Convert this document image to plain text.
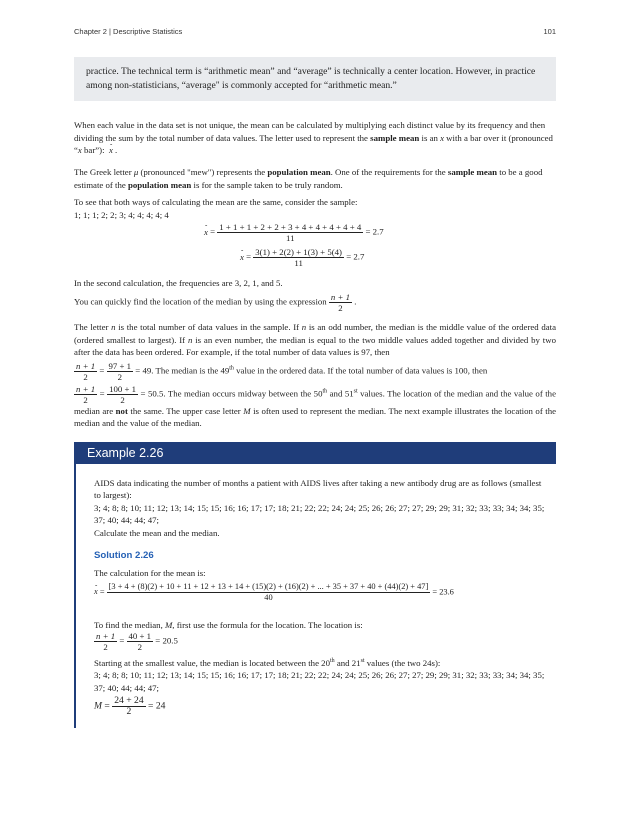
Chapter 2 | Descriptive Statistics	101
practice. The technical term is “arithmetic mean” and “average” is technically a center location. However, in practice among non-statisticians, “average" is commonly accepted for “arithmetic mean.”

When each value in the data set is not unique, the mean can be calculated by multiplying each distinct value by its frequency and then dividing the sum by the total number of data values. The letter used to represent the sample mean is an x with a bar over it (pronounced “x bar”):  - x .

The Greek letter μ (pronounced "mew") represents the population mean. One of the requirements for the sample mean to be a good estimate of the population mean is for the sample taken to be truly random.

To see that both ways of calculating the mean are the same, consider the sample:

1; 1; 1; 2; 2; 3; 4; 4; 4; 4; 4

- $x = \frac{1 + 1 + 1 + 2 + 2 + 3 + 4 + 4 + 4 + 4 + 4}{11} = 2.7$
- $x = \frac{3(1) + 2(2) + 1(3) + 5(4)}{11} = 2.7$

In the second calculation, the frequencies are 3, 2, 1, and 5.

You can quickly find the location of the median by using the expression $\frac{n + 1}{2}$ .

The letter n is the total number of data values in the sample. If n is an odd number, the median is the middle value of the ordered data (ordered smallest to largest). If n is an even number, the median is equal to the two middle values added together and divided by two after the data has been ordered. For example, if the total number of data values is 97, then

$\frac{n + 1}{2} = \frac{97 + 1}{2} = 49$. The median is the 49th value in the ordered data. If the total number of data values is 100, then

$\frac{n + 1}{2} = \frac{100 + 1}{2} = 50.5$. The median occurs midway between the 50th and 51st values. The location of the median and the value of the median are not the same. The upper case letter M is often used to represent the median. The next example illustrates the location of the median and the value of the median.

Example 2.26

AIDS data indicating the number of months a patient with AIDS lives after taking a new antibody drug are as follows (smallest to largest):

3; 4; 8; 8; 10; 11; 12; 13; 14; 15; 15; 16; 16; 17; 17; 18; 21; 22; 22; 24; 24; 25; 26; 26; 27; 27; 29; 29; 31; 32; 33; 33; 34; 34; 35; 37; 40; 44; 44; 47;

Calculate the mean and the median.

Solution 2.26

The calculation for the mean is:

- x =
[3 + 4 + (8)(2) + 10 + 11 + 12 + 13 + 14 + (15)(2) + (16)(2) + ... + 35 + 37 + 40 + (44)(2) + 47]
40
= 23.6

To find the median, M, first use the formula for the location. The location is:

$\frac{n + 1}{2} = \frac{40 + 1}{2} = 20.5$

Starting at the smallest value, the median is located between the 20th and 21st values (the two 24s):

3; 4; 8; 8; 10; 11; 12; 13; 14; 15; 15; 16; 16; 17; 17; 18; 21; 22; 22; 24; 24; 25; 26; 26; 27; 27; 29; 29; 31; 32; 33; 33; 34; 34; 35; 37; 40; 44; 44; 47;

$M = \frac{24 + 24}{2} = 24$
